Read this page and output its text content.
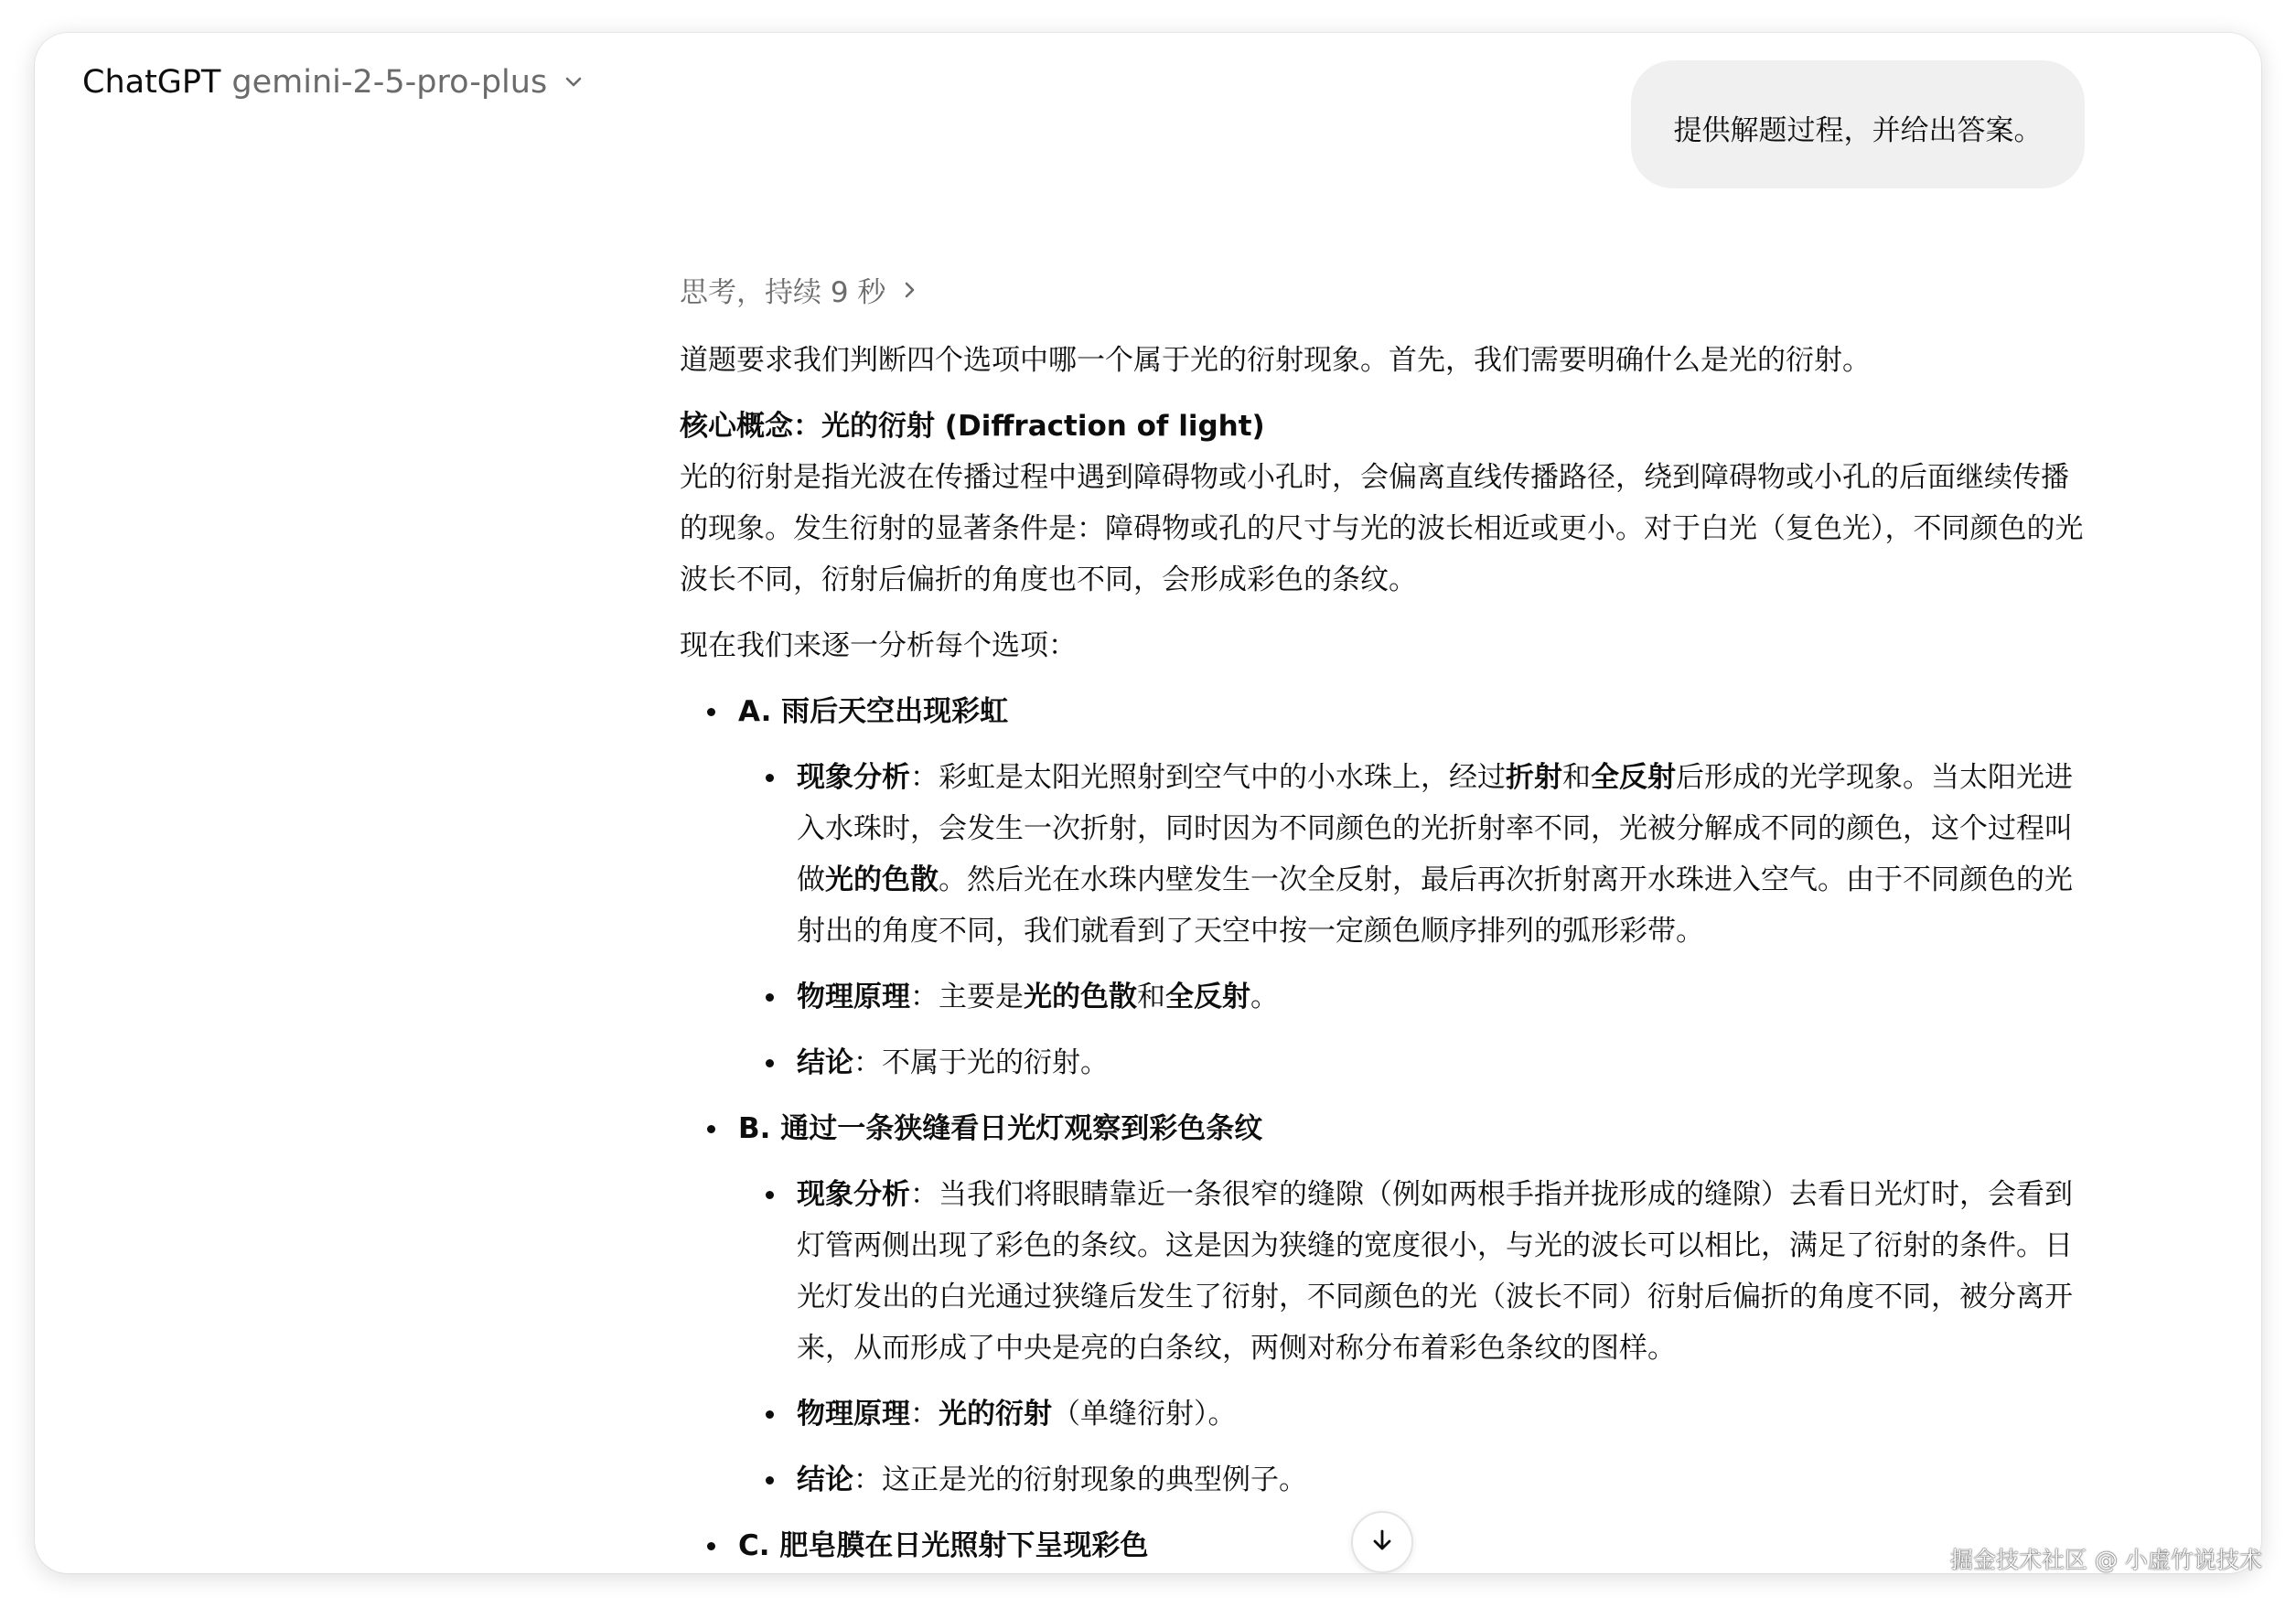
ChatGPT gemini-2-5-pro-plus
提供解题过程，并给出答案。
思考，持续 9 秒

道题要求我们判断四个选项中哪一个属于光的衍射现象。首先，我们需要明确什么是光的衍射。

核心概念：光的衍射 (Diffraction of light)

光的衍射是指光波在传播过程中遇到障碍物或小孔时，会偏离直线传播路径，绕到障碍物或小孔的后面继续传播的现象。发生衍射的显著条件是：障碍物或孔的尺寸与光的波长相近或更小。对于白光（复色光），不同颜色的光波长不同，衍射后偏折的角度也不同，会形成彩色的条纹。

现在我们来逐一分析每个选项：

A. 雨后天空出现彩虹
现象分析：彩虹是太阳光照射到空气中的小水珠上，经过折射和全反射后形成的光学现象。当太阳光进入水珠时，会发生一次折射，同时因为不同颜色的光折射率不同，光被分解成不同的颜色，这个过程叫做光的色散。然后光在水珠内壁发生一次全反射，最后再次折射离开水珠进入空气。由于不同颜色的光射出的角度不同，我们就看到了天空中按一定颜色顺序排列的弧形彩带。
物理原理：主要是光的色散和全反射。
结论：不属于光的衍射。
B. 通过一条狭缝看日光灯观察到彩色条纹
现象分析：当我们将眼睛靠近一条很窄的缝隙（例如两根手指并拢形成的缝隙）去看日光灯时，会看到灯管两侧出现了彩色的条纹。这是因为狭缝的宽度很小，与光的波长可以相比，满足了衍射的条件。日光灯发出的白光通过狭缝后发生了衍射，不同颜色的光（波长不同）衍射后偏折的角度不同，被分离开来，从而形成了中央是亮的白条纹，两侧对称分布着彩色条纹的图样。
物理原理：光的衍射（单缝衍射）。
结论：这正是光的衍射现象的典型例子。
C. 肥皂膜在日光照射下呈现彩色	掘金技术社区 @ 小虚竹说技术
